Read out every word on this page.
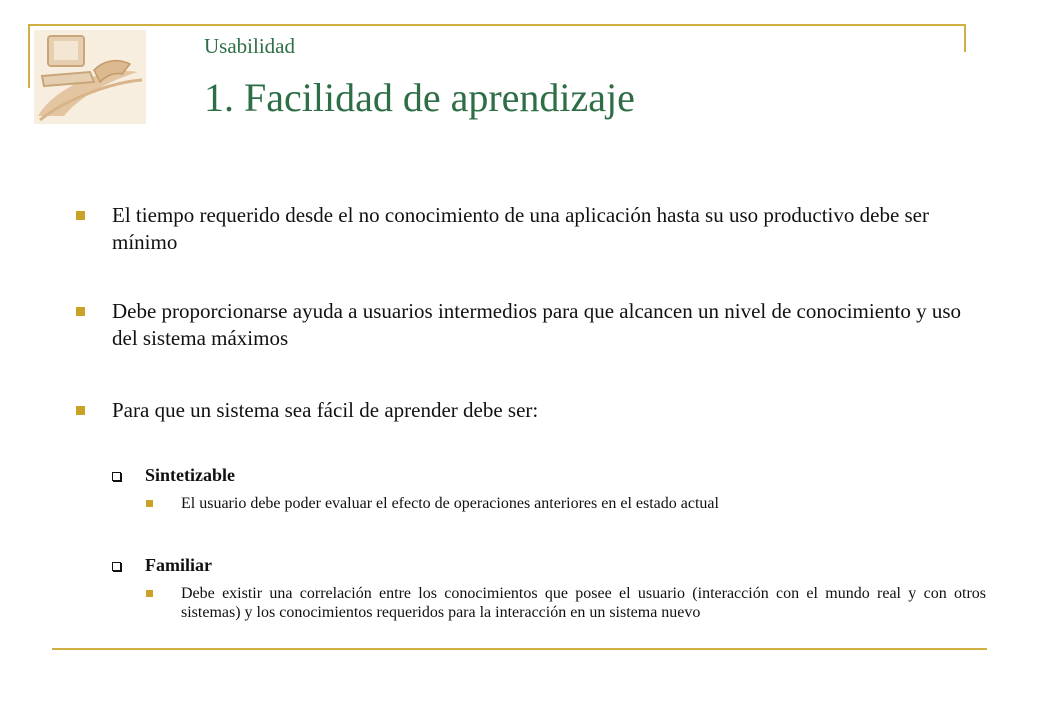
Usabilidad
1. Facilidad de aprendizaje
El tiempo requerido desde el no conocimiento de una aplicación hasta su uso productivo debe ser mínimo
Debe proporcionarse ayuda a usuarios intermedios para que alcancen un nivel de conocimiento y uso del sistema máximos
Para que un sistema sea fácil de aprender debe ser:
Sintetizable
El usuario debe poder evaluar el efecto de operaciones anteriores en el estado actual
Familiar
Debe existir una correlación entre los conocimientos que posee el usuario (interacción con el mundo real y con otros sistemas) y los conocimientos requeridos para la interacción en un sistema nuevo
